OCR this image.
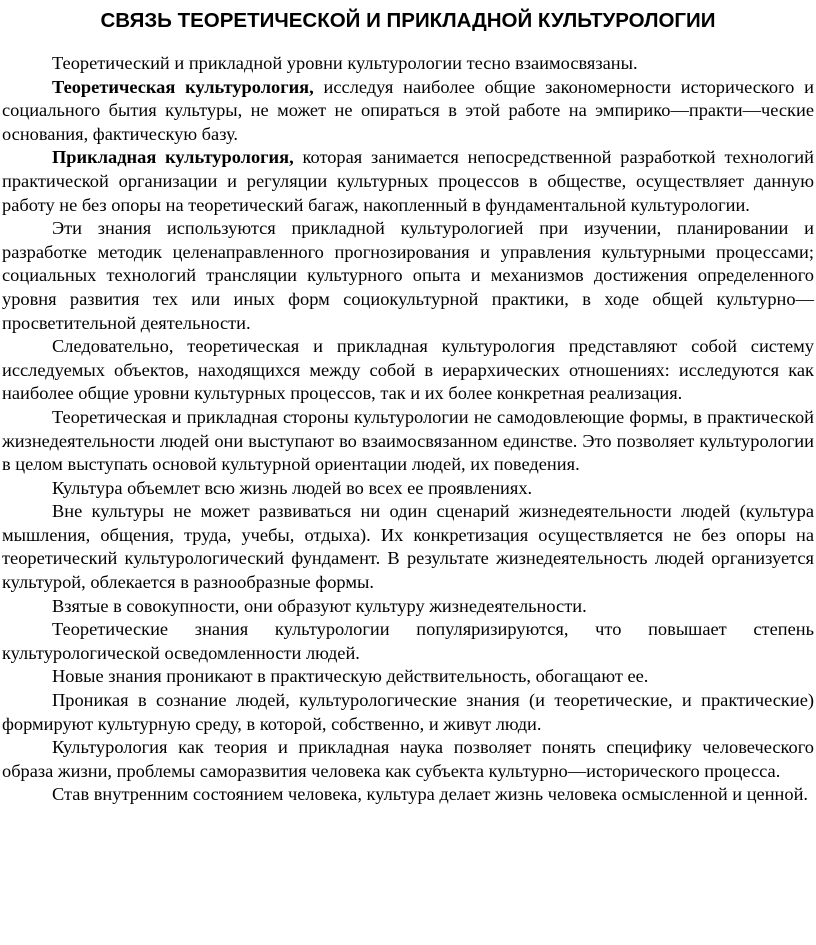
СВЯЗЬ ТЕОРЕТИЧЕСКОЙ И ПРИКЛАДНОЙ КУЛЬТУРОЛОГИИ

Теоретический и прикладной уровни культурологии тесно взаимосвязаны.

Теоретическая культурология, исследуя наиболее общие закономерности исторического и социального бытия культуры, не может не опираться в этой работе на эмпирико—практи—ческие основания, фактическую базу.

Прикладная культурология, которая занимается непосредственной разработкой технологий практической организации и регуляции культурных процессов в обществе, осуществляет данную работу не без опоры на теоретический багаж, накопленный в фундаментальной культурологии.

Эти знания используются прикладной культурологией при изучении, планировании и разработке методик целенаправленного прогнозирования и управления культурными процессами; социальных технологий трансляции культурного опыта и механизмов достижения определенного уровня развития тех или иных форм социокультурной практики, в ходе общей культурно—просветительной деятельности.

Следовательно, теоретическая и прикладная культурология представляют собой систему исследуемых объектов, находящихся между собой в иерархических отношениях: исследуются как наиболее общие уровни культурных процессов, так и их более конкретная реализация.

Теоретическая и прикладная стороны культурологии не самодовлеющие формы, в практической жизнедеятельности людей они выступают во взаимосвязанном единстве. Это позволяет культурологии в целом выступать основой культурной ориентации людей, их поведения.

Культура объемлет всю жизнь людей во всех ее проявлениях.

Вне культуры не может развиваться ни один сценарий жизнедеятельности людей (культура мышления, общения, труда, учебы, отдыха). Их конкретизация осуществляется не без опоры на теоретический культурологический фундамент. В результате жизнедеятельность людей организуется культурой, облекается в разнообразные формы.

Взятые в совокупности, они образуют культуру жизнедеятельности.

Теоретические знания культурологии популяризируются, что повышает степень культурологической осведомленности людей.

Новые знания проникают в практическую действительность, обогащают ее.

Проникая в сознание людей, культурологические знания (и теоретические, и практические) формируют культурную среду, в которой, собственно, и живут люди.

Культурология как теория и прикладная наука позволяет понять специфику человеческого образа жизни, проблемы саморазвития человека как субъекта культурно—исторического процесса.

Став внутренним состоянием человека, культура делает жизнь человека осмысленной и ценной.
